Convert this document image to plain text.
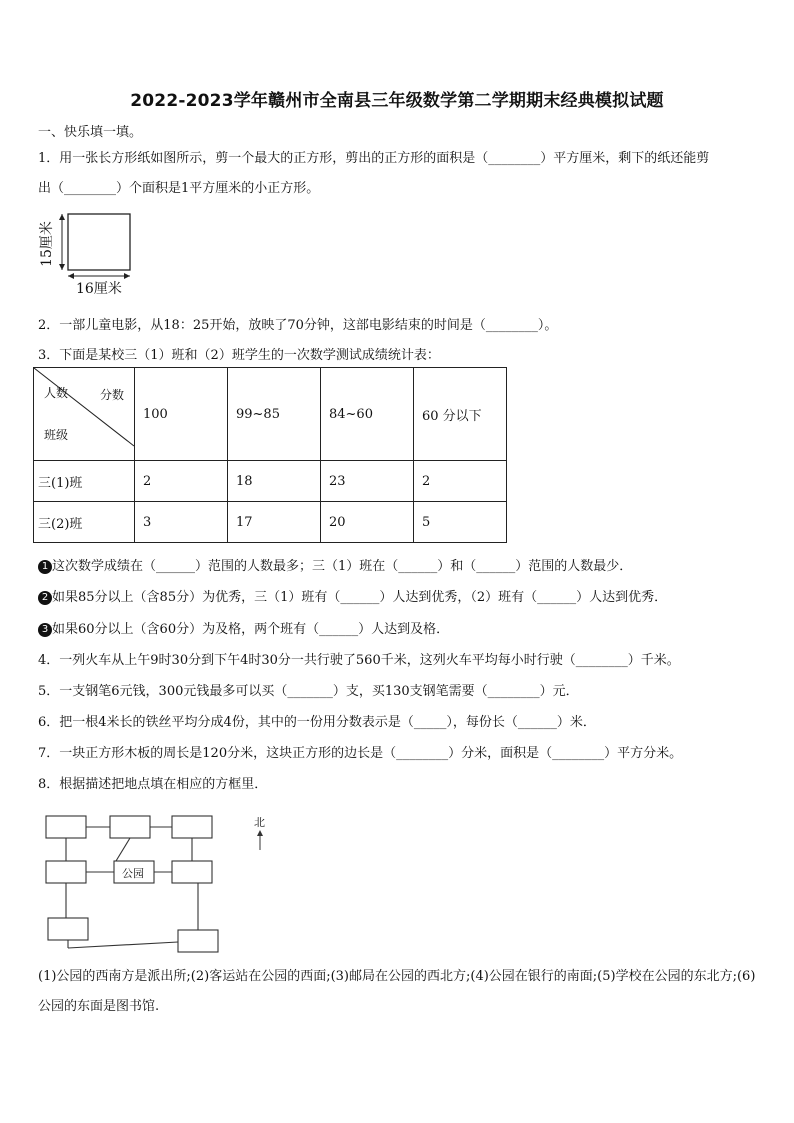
2022-2023学年赣州市全南县三年级数学第二学期期末经典模拟试题
一、快乐填一填。
1．用一张长方形纸如图所示，剪一个最大的正方形，剪出的正方形的面积是（________）平方厘米，剩下的纸还能剪
出（________）个面积是1平方厘米的小正方形。
15厘米
16厘米
2．一部儿童电影，从18：25开始，放映了70分钟，这部电影结束的时间是（________）。
3．下面是某校三（1）班和（2）班学生的一次数学测试成绩统计表：
人数 分数
班级	100	99~85	84~60	60 分以下
三(1)班	2	18	23	2
三(2)班	3	17	20	5
1 这次数学成绩在（______）范围的人数最多；三（1）班在（______）和（______）范围的人数最少．
2 如果85分以上（含85分）为优秀，三（1）班有（______）人达到优秀，（2）班有（______）人达到优秀．
3 如果60分以上（含60分）为及格，两个班有（______）人达到及格．
4．一列火车从上午9时30分到下午4时30分一共行驶了560千米，这列火车平均每小时行驶（________）千米。
5．一支钢笔6元钱，300元钱最多可以买（_______）支，买130支钢笔需要（________）元．
6．把一根4米长的铁丝平均分成4份，其中的一份用分数表示是（_____），每份长（______）米．
7．一块正方形木板的周长是120分米，这块正方形的边长是（________）分米，面积是（________）平方分米。
8．根据描述把地点填在相应的方框里．
公园
北
(1)公园的西南方是派出所;(2)客运站在公园的西面;(3)邮局在公园的西北方;(4)公园在银行的南面;(5)学校在公园的东北方;(6)公园的东面是图书馆.
